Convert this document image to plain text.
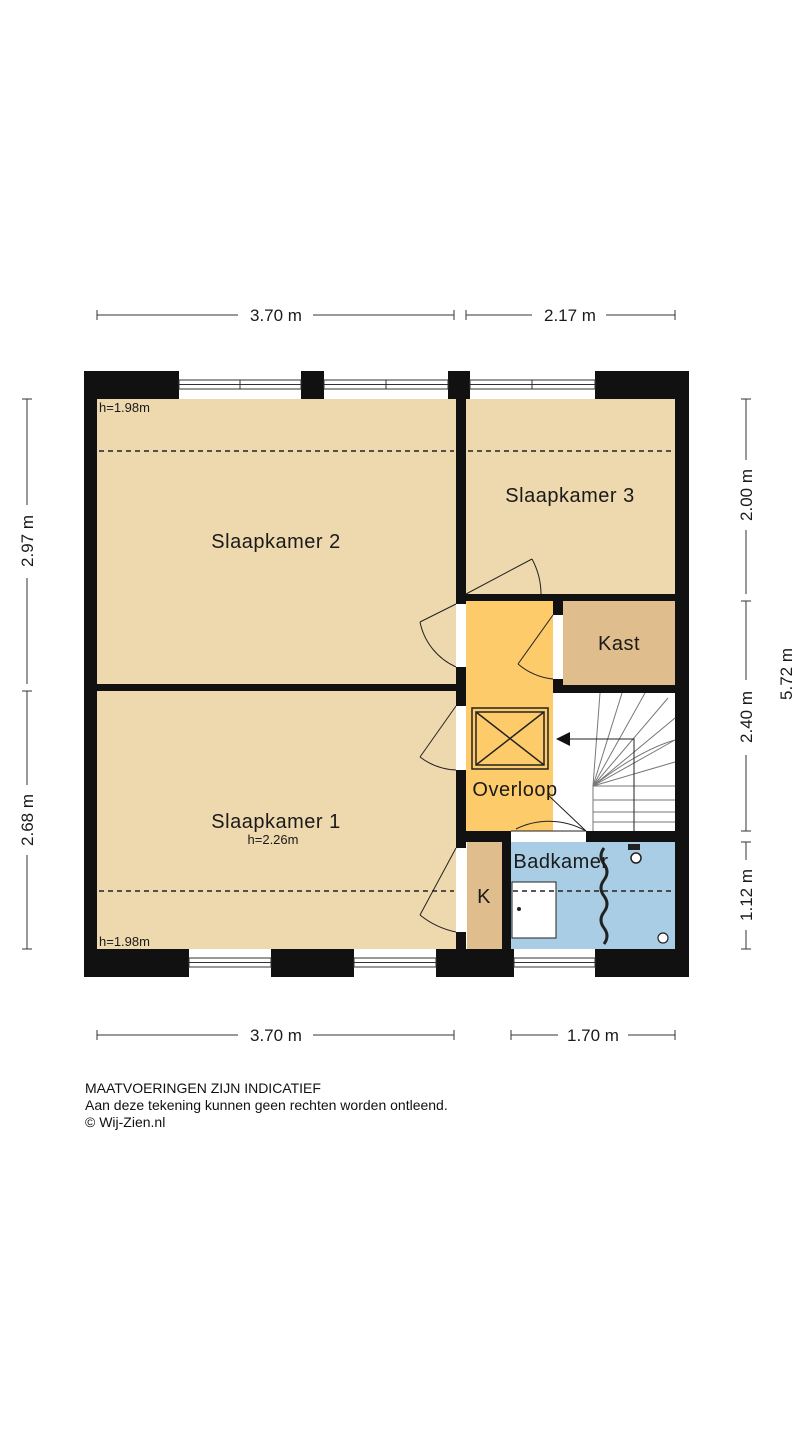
Slaapkamer 2
Slaapkamer 3
Slaapkamer 1
h=2.26m
Kast
Overloop
Badkamer
K
h=1.98m
h=1.98m
3.70 m	2.17 m
3.70 m	1.70 m
2.97 m
2.68 m
2.00 m
2.40 m
1.12 m
5.72 m
MAATVOERINGEN ZIJN INDICATIEF
Aan deze tekening kunnen geen rechten worden ontleend.
© Wij-Zien.nl
